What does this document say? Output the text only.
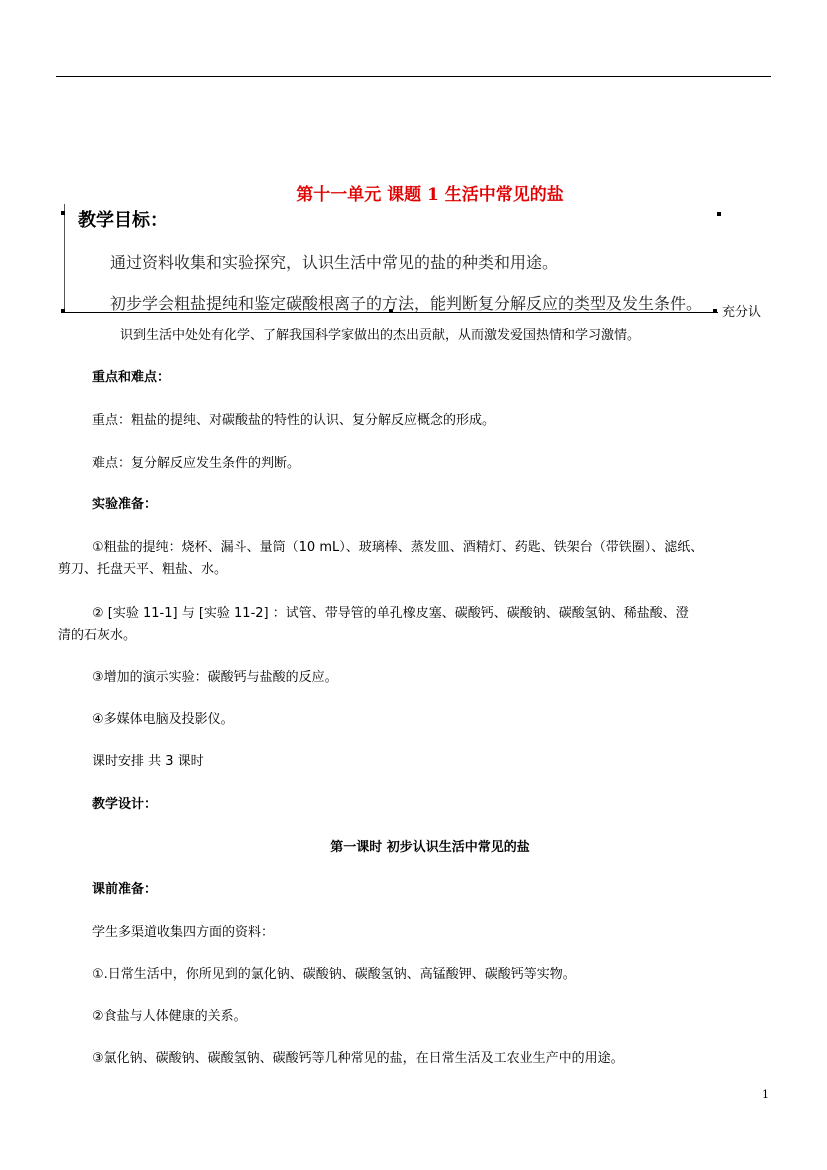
第十一单元 课题 1 生活中常见的盐
教学目标：
通过资料收集和实验探究，认识生活中常见的盐的种类和用途。
初步学会粗盐提纯和鉴定碳酸根离子的方法，能判断复分解反应的类型及发生条件。 充分认
识到生活中处处有化学、了解我国科学家做出的杰出贡献，从而激发爱国热情和学习激情。
重点和难点：
重点：粗盐的提纯、对碳酸盐的特性的认识、复分解反应概念的形成。
难点：复分解反应发生条件的判断。
实验准备：
①粗盐的提纯：烧杯、漏斗、量筒（10 mL）、玻璃棒、蒸发皿、酒精灯、药匙、铁架台（带铁圈）、滤纸、
剪刀、托盘天平、粗盐、水。
② [实验 11-1] 与 [实验 11-2] ：试管、带导管的单孔橡皮塞、碳酸钙、碳酸钠、碳酸氢钠、稀盐酸、澄
清的石灰水。
③增加的演示实验：碳酸钙与盐酸的反应。
④多媒体电脑及投影仪。
课时安排 共 3 课时
教学设计：
第一课时 初步认识生活中常见的盐
课前准备：
学生多渠道收集四方面的资料：
①.日常生活中，你所见到的氯化钠、碳酸钠、碳酸氢钠、高锰酸钾、碳酸钙等实物。
②食盐与人体健康的关系。
③氯化钠、碳酸钠、碳酸氢钠、碳酸钙等几种常见的盐，在日常生活及工农业生产中的用途。
1
